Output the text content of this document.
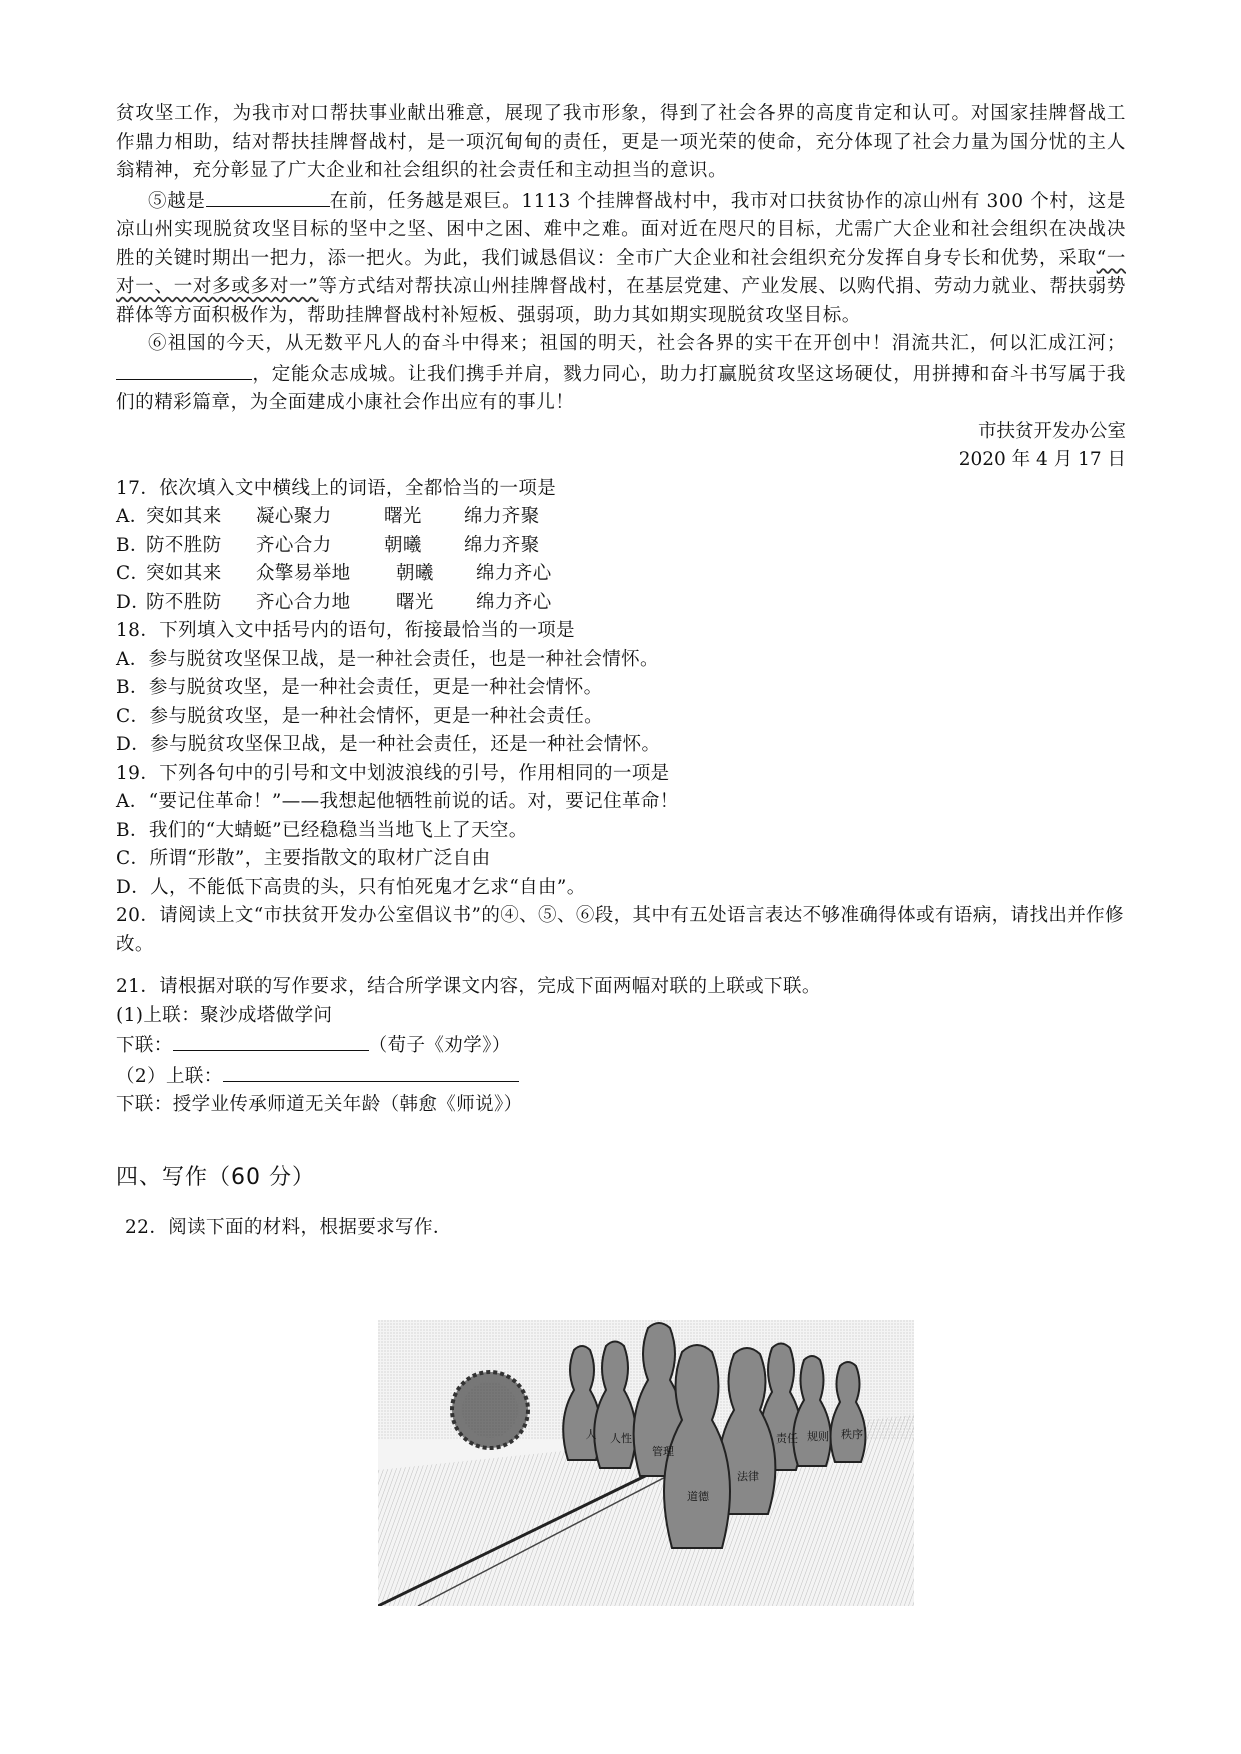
贫攻坚工作，为我市对口帮扶事业献出雅意，展现了我市形象，得到了社会各界的高度肯定和认可。对国家挂牌督战工作鼎力相助，结对帮扶挂牌督战村，是一项沉甸甸的责任，更是一项光荣的使命，充分体现了社会力量为国分忧的主人翁精神，充分彰显了广大企业和社会组织的社会责任和主动担当的意识。

⑤越是	在前，任务越是艰巨。1113 个挂牌督战村中，我市对口扶贫协作的凉山州有 300 个村，这是凉山州实现脱贫攻坚目标的坚中之坚、困中之困、难中之难。面对近在咫尺的目标，尤需广大企业和社会组织在决战决胜的关键时期出一把力，添一把火。为此，我们诚恳倡议：全市广大企业和社会组织充分发挥自身专长和优势，采取“一对一、一对多或多对一”等方式结对帮扶凉山州挂牌督战村，在基层党建、产业发展、以购代捐、劳动力就业、帮扶弱势群体等方面积极作为，帮助挂牌督战村补短板、强弱项，助力其如期实现脱贫攻坚目标。

⑥祖国的今天，从无数平凡人的奋斗中得来；祖国的明天，社会各界的实干在开创中！涓流共汇，何以汇成江河；，定能众志成城。让我们携手并肩，戮力同心，助力打赢脱贫攻坚这场硬仗，用拼搏和奋斗书写属于我们的精彩篇章，为全面建成小康社会作出应有的事儿！

市扶贫开发办公室

2020 年 4 月 17 日

17．依次填入文中横线上的词语，全都恰当的一项是

A．突如其来 凝心聚力	曙光 绵力齐聚

B．防不胜防 齐心合力	朝曦 绵力齐聚

C．突如其来 众擎易举地 朝曦 绵力齐心

D．防不胜防 齐心合力地 曙光 绵力齐心

18．下列填入文中括号内的语句，衔接最恰当的一项是

A．参与脱贫攻坚保卫战，是一种社会责任，也是一种社会情怀。

B．参与脱贫攻坚，是一种社会责任，更是一种社会情怀。

C．参与脱贫攻坚，是一种社会情怀，更是一种社会责任。

D．参与脱贫攻坚保卫战，是一种社会责任，还是一种社会情怀。

19．下列各句中的引号和文中划波浪线的引号，作用相同的一项是

A．“要记住革命！”——我想起他牺牲前说的话。对，要记住革命！

B．我们的“大蜻蜓”已经稳稳当当地飞上了天空。

C．所谓“形散”，主要指散文的取材广泛自由

D．人，不能低下高贵的头，只有怕死鬼才乞求“自由”。

20．请阅读上文“市扶贫开发办公室倡议书”的④、⑤、⑥段，其中有五处语言表达不够准确得体或有语病，请找出并作修改。

21．请根据对联的写作要求，结合所学课文内容，完成下面两幅对联的上联或下联。

(1)上联：聚沙成塔做学问

下联：	（荀子《劝学》）

（2）上联：

下联：授学业传承师道无关年龄（韩愈《师说》）

四、写作（60 分）

22．阅读下面的材料，根据要求写作．

人 人性
管理
道德
法律
责任 规则 秩序
